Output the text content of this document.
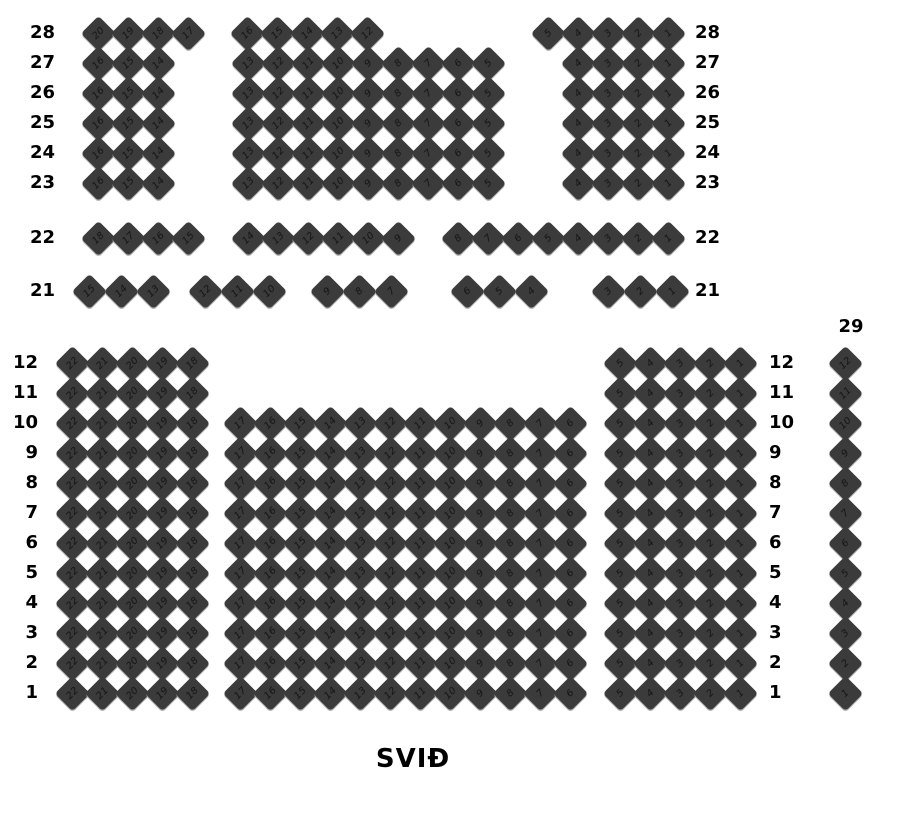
29
SVIÐ
28	28
20	19	18	17	16	15	14	13	12	5	4	3	2	1
27	27
16	15	14	13	12	11	10	9	8	7	6	5	4	3	2	1
26	26
16	15	14	13	12	11	10	9	8	7	6	5	4	3	2	1
25	25
16	15	14	13	12	11	10	9	8	7	6	5	4	3	2	1
24	24
16	15	14	13	12	11	10	9	8	7	6	5	4	3	2	1
23	23
16	15	14	13	12	11	10	9	8	7	6	5	4	3	2	1
22	22
18	17	16	15	14	13	12	11	10	9	8	7	6	5	4	3	2	1
21	21
15	14	13	12	11	10	9	8	7	6	5	4	3	2	1
12	12
22	21	20	19	18	5	4	3	2	1
11	11
22	21	20	19	18	5	4	3	2	1
10	10
22	21	20	19	18	17	16	15	14	13	12	11	10	9	8	7	6	5	4	3	2	1
9	9
22	21	20	19	18	17	16	15	14	13	12	11	10	9	8	7	6	5	4	3	2	1
8	8
22	21	20	19	18	17	16	15	14	13	12	11	10	9	8	7	6	5	4	3	2	1
7	7
22	21	20	19	18	17	16	15	14	13	12	11	10	9	8	7	6	5	4	3	2	1
6	6
22	21	20	19	18	17	16	15	14	13	12	11	10	9	8	7	6	5	4	3	2	1
5	5
22	21	20	19	18	17	16	15	14	13	12	11	10	9	8	7	6	5	4	3	2	1
4	4
22	21	20	19	18	17	16	15	14	13	12	11	10	9	8	7	6	5	4	3	2	1
3	3
22	21	20	19	18	17	16	15	14	13	12	11	10	9	8	7	6	5	4	3	2	1
2	2
22	21	20	19	18	17	16	15	14	13	12	11	10	9	8	7	6	5	4	3	2	1
1	1
22	21	20	19	18	17	16	15	14	13	12	11	10	9	8	7	6	5	4	3	2	1
12
11
10
9
8
7
6
5
4
3
2
1
